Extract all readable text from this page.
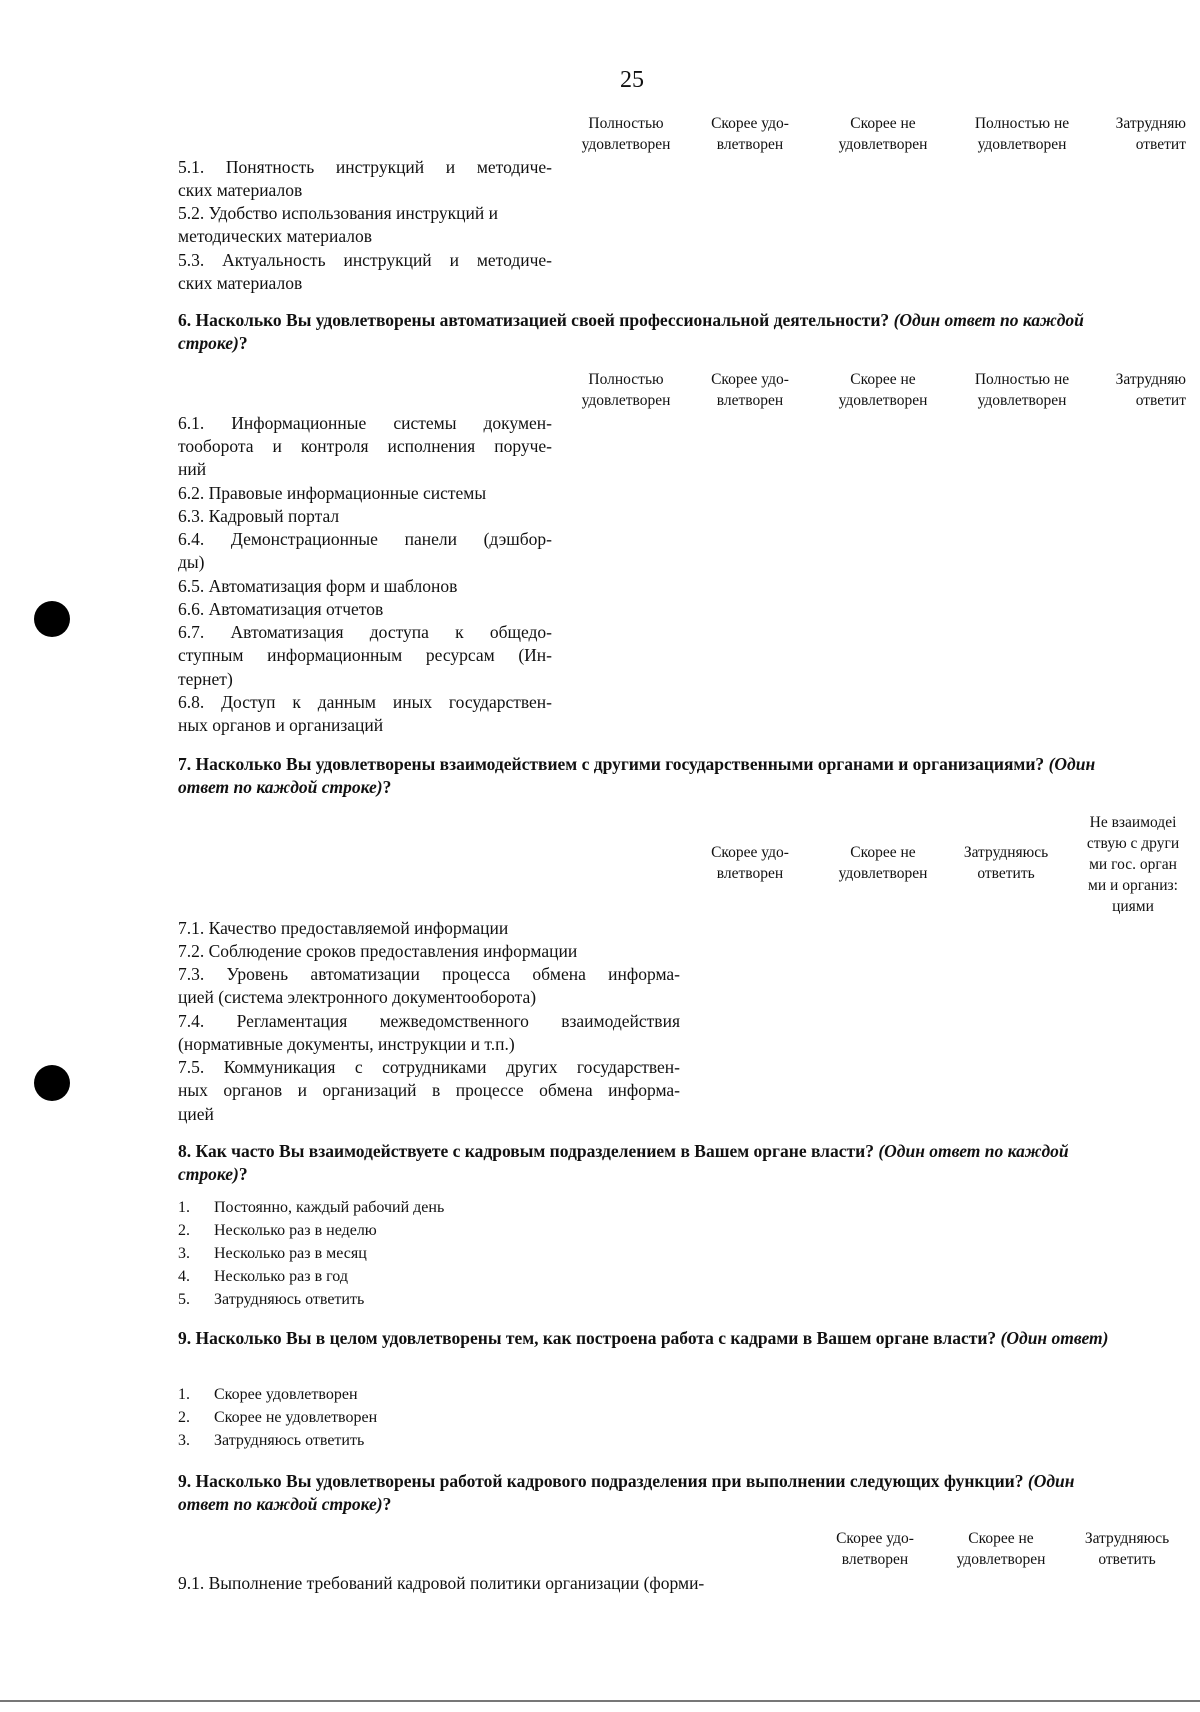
25
Полностью
удовлетворен
Скорее удо-
влетворен
Скорее не
удовлетворен
Полностью не
удовлетворен
Затрудняю
ответит
5.1. Понятность инструкций и методиче-
ских материалов
5.2. Удобство использования инструкций и
методических материалов
5.3. Актуальность инструкций и методиче-
ских материалов
6. Насколько Вы удовлетворены автоматизацией своей профессиональной деятельности? (Один ответ по каждой строке)?
Полностью
удовлетворен
Скорее удо-
влетворен
Скорее не
удовлетворен
Полностью не
удовлетворен
Затрудняю
ответит
6.1. Информационные системы докумен-
тооборота и контроля исполнения поруче-
ний
6.2. Правовые информационные системы
6.3. Кадровый портал
6.4. Демонстрационные панели (дэшбор-
ды)
6.5. Автоматизация форм и шаблонов
6.6. Автоматизация отчетов
6.7. Автоматизация доступа к общедо-
ступным информационным ресурсам (Ин-
тернет)
6.8. Доступ к данным иных государствен-
ных органов и организаций
7. Насколько Вы удовлетворены взаимодействием с другими государственными органами и организациями? (Один ответ по каждой строке)?
Скорее удо-
влетворен
Скорее не
удовлетворен
Затрудняюсь
ответить
Не взаимодеі
ствую с други
ми гос. орган
ми и организ:
циями
7.1. Качество предоставляемой информации
7.2. Соблюдение сроков предоставления информации
7.3. Уровень автоматизации процесса обмена информа-
цией (система электронного документооборота)
7.4. Регламентация межведомственного взаимодействия
(нормативные документы, инструкции и т.п.)
7.5. Коммуникация с сотрудниками других государствен-
ных органов и организаций в процессе обмена информа-
цией
8. Как часто Вы взаимодействуете с кадровым подразделением в Вашем органе власти? (Один ответ по каждой строке)?
1. Постоянно, каждый рабочий день
2. Несколько раз в неделю
3. Несколько раз в месяц
4. Несколько раз в год
5. Затрудняюсь ответить
9. Насколько Вы в целом удовлетворены тем, как построена работа с кадрами в Вашем органе власти? (Один ответ)
1. Скорее удовлетворен
2. Скорее не удовлетворен
3. Затрудняюсь ответить
9. Насколько Вы удовлетворены работой кадрового подразделения при выполнении следующих функции? (Один ответ по каждой строке)?
Скорее удо-
влетворен
Скорее не
удовлетворен
Затрудняюсь
ответить
9.1. Выполнение требований кадровой политики организации (форми-
